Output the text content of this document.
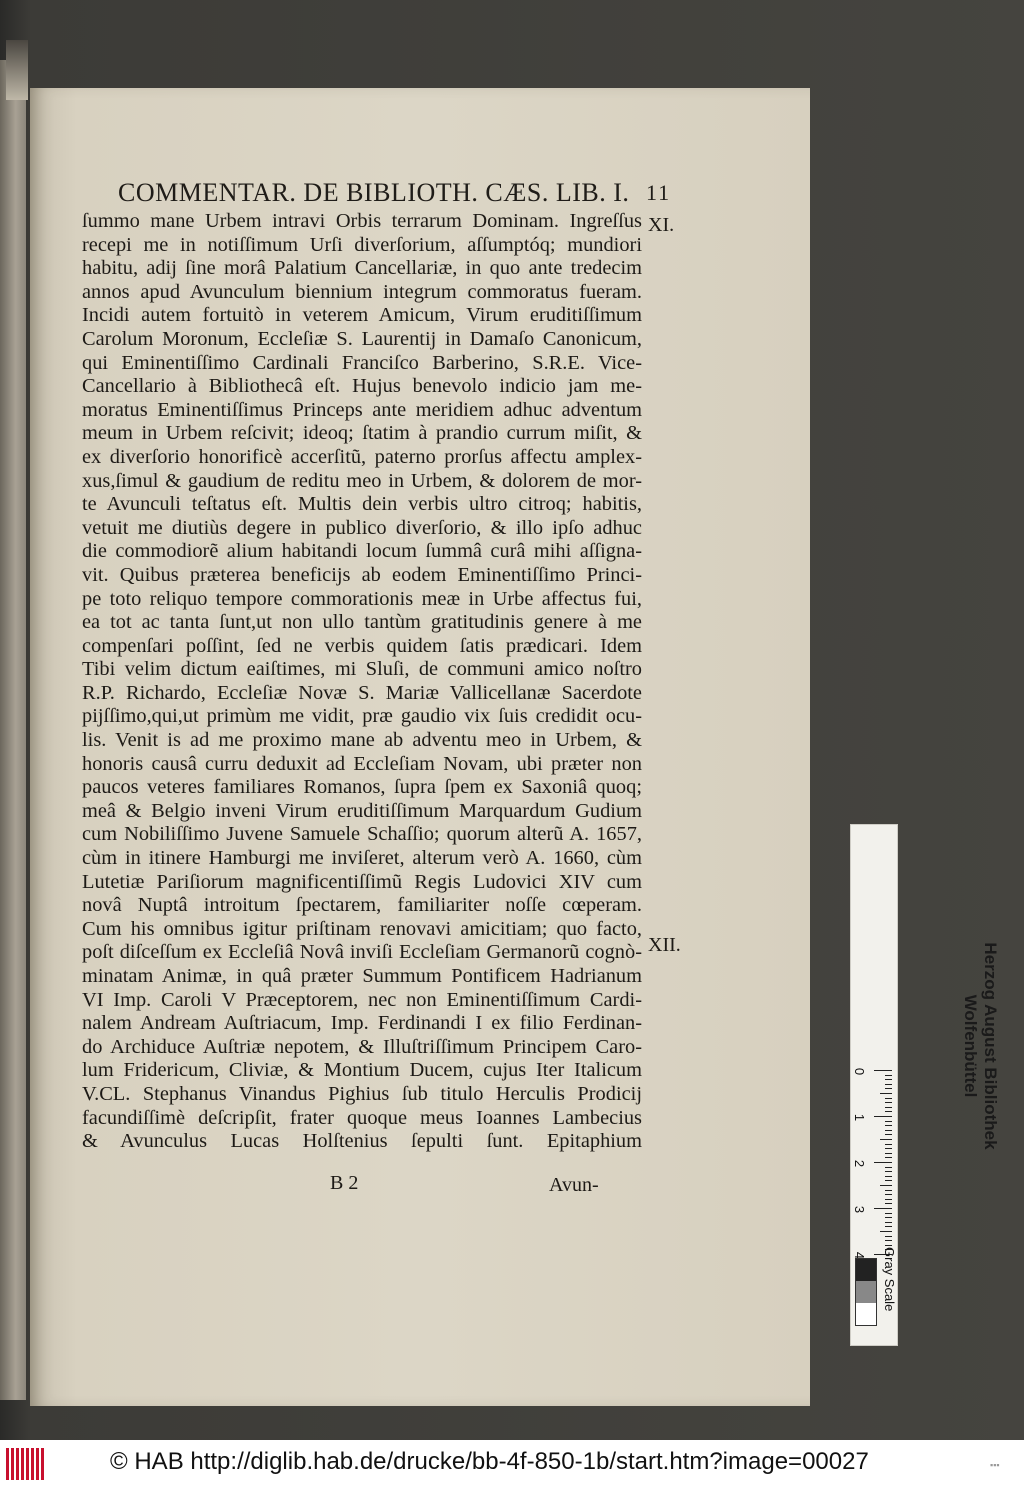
COMMENTAR. DE BIBLIOTH. CÆS. LIB. I. 11
XI.
XII.
ſummo mane Urbem intravi Orbis terrarum Dominam. Ingreſſus
recepi me in notiſſimum Urſi diverſorium, aſſumptóq; mundiori
habitu, adij ſine morâ Palatium Cancellariæ, in quo ante tredecim
annos apud Avunculum biennium integrum commoratus fueram.
Incidi autem fortuitò in veterem Amicum, Virum eruditiſſimum
Carolum Moronum, Eccleſiæ S. Laurentij in Damaſo Canonicum,
qui Eminentiſſimo Cardinali Franciſco Barberino, S.R.E. Vice-
Cancellario à Bibliothecâ eſt. Hujus benevolo indicio jam me-
moratus Eminentiſſimus Princeps ante meridiem adhuc adventum
meum in Urbem reſcivit; ideoq; ſtatim à prandio currum miſit, &
ex diverſorio honorificè accerſitũ, paterno prorſus affectu amplex-
xus,ſimul & gaudium de reditu meo in Urbem, & dolorem de mor-
te Avunculi teſtatus eſt. Multis dein verbis ultro citroq; habitis,
vetuit me diutiùs degere in publico diverſorio, & illo ipſo adhuc
die commodiorẽ alium habitandi locum ſummâ curâ mihi aſſigna-
vit. Quibus præterea beneficijs ab eodem Eminentiſſimo Princi-
pe toto reliquo tempore commorationis meæ in Urbe affectus fui,
ea tot ac tanta ſunt,ut non ullo tantùm gratitudinis genere à me
compenſari poſſint, ſed ne verbis quidem ſatis prædicari. Idem
Tibi velim dictum eaiſtimes, mi Sluſi, de communi amico noſtro
R.P. Richardo, Eccleſiæ Novæ S. Mariæ Vallicellanæ Sacerdote
pijſſimo,qui,ut primùm me vidit, præ gaudio vix ſuis credidit ocu-
lis. Venit is ad me proximo mane ab adventu meo in Urbem, &
honoris causâ curru deduxit ad Eccleſiam Novam, ubi præter non
paucos veteres familiares Romanos, ſupra ſpem ex Saxoniâ quoq;
meâ & Belgio inveni Virum eruditiſſimum Marquardum Gudium
cum Nobiliſſimo Juvene Samuele Schaſſio; quorum alterũ A. 1657,
cùm in itinere Hamburgi me inviſeret, alterum verò A. 1660, cùm
Lutetiæ Pariſiorum magnificentiſſimũ Regis Ludovici XIV cum
novâ Nuptâ introitum ſpectarem, familiariter noſſe cœperam.
Cum his omnibus igitur priſtinam renovavi amicitiam; quo facto,
poſt diſceſſum ex Eccleſiâ Novâ inviſi Eccleſiam Germanorũ cognò-
minatam Animæ, in quâ præter Summum Pontificem Hadrianum
VI Imp. Caroli V Præceptorem, nec non Eminentiſſimum Cardi-
nalem Andream Auſtriacum, Imp. Ferdinandi I ex filio Ferdinan-
do Archiduce Auſtriæ nepotem, & Illuſtriſſimum Principem Caro-
lum Fridericum, Cliviæ, & Montium Ducem, cujus Iter Italicum
V.CL. Stephanus Vinandus Pighius ſub titulo Herculis Prodicij
facundiſſimè deſcripſit, frater quoque meus Ioannes Lambecius
& Avunculus Lucas Holſtenius ſepulti ſunt. Epitaphium
B 2	Avun-
Herzog August Bibliothek
Wolfenbüttel
0
1
2
3
4 Gray Scale
© HAB http://diglib.hab.de/drucke/bb-4f-850-1b/start.htm?image=00027	▪▪▪
